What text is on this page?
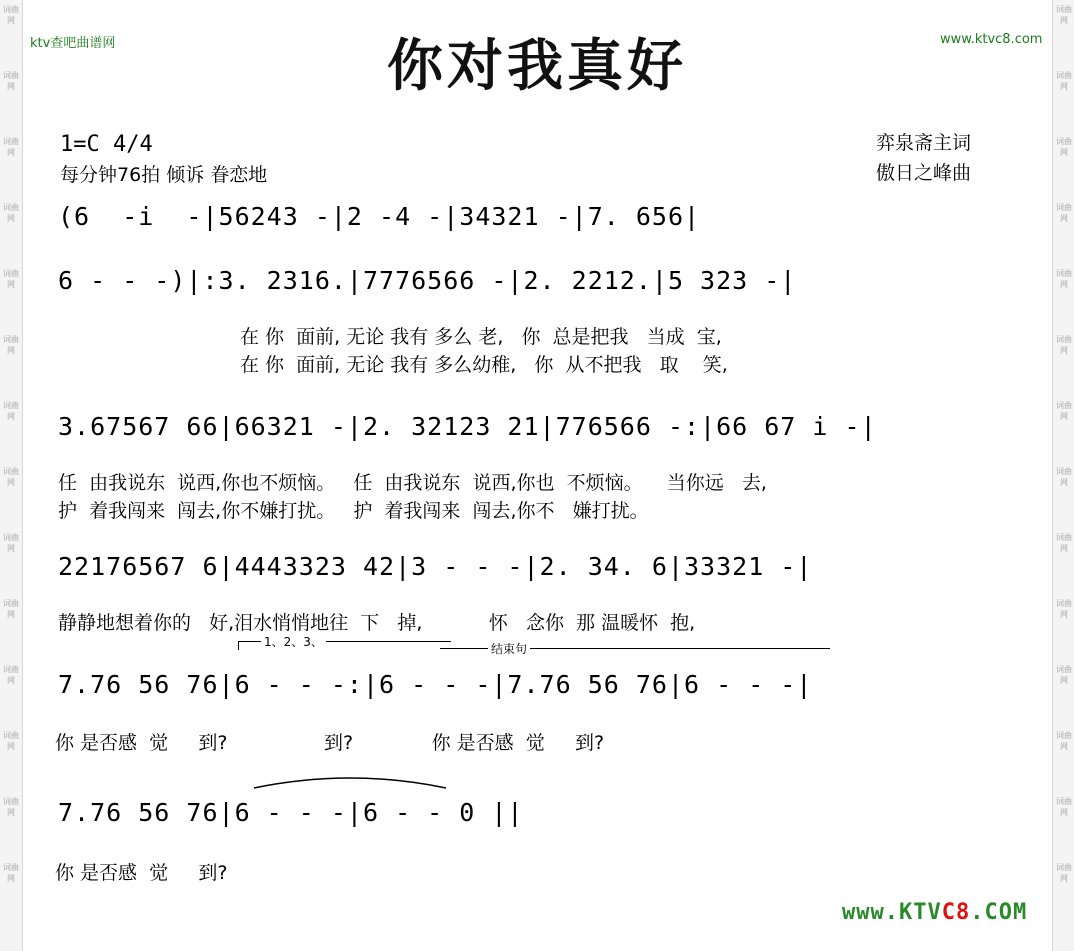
词曲网
词曲网
词曲网
词曲网
词曲网
词曲网
词曲网
词曲网
词曲网
词曲网
词曲网
词曲网
词曲网
词曲网
词曲网
词曲网
词曲网
词曲网
词曲网
词曲网
词曲网
词曲网
词曲网
词曲网
词曲网
词曲网
词曲网
词曲网
ktv查吧曲谱网	www.ktvc8.com
你对我真好
1=C 4/4
每分钟76拍 倾诉 眷恋地
弈泉斋主词
傲日之峰曲
(6  -i  -|56243 -|2 -4 -|34321 -|7. 656|
6 - - -)|:3. 2316.|7776566 -|2. 2212.|5 323 -|
在 你  面前, 无论 我有 多么 老,   你  总是把我   当成  宝,
在 你  面前, 无论 我有 多么幼稚,   你  从不把我   取    笑,
3.67567 66|66321 -|2. 32123 21|776566 -:|66 67 i -|
任  由我说东  说西,你也不烦恼。   任  由我说东  说西,你也  不烦恼。    当你远   去,
护  着我闯来  闯去,你不嫌打扰。   护  着我闯来  闯去,你不   嫌打扰。
22176567 6|4443323 42|3 - - -|2. 34. 6|33321 -|
静静地想着你的   好,泪水悄悄地往  下   掉,           怀   念你  那 温暖怀  抱,
1、2、3、	结束句
7.76 56 76|6 - - -:|6 - - -|7.76 56 76|6 - - -|
你 是否感  觉     到?                到?             你 是否感  觉     到?
7.76 56 76|6 - - -|6 - - 0 ||
你 是否感  觉     到?
www.KTVC8.COM
